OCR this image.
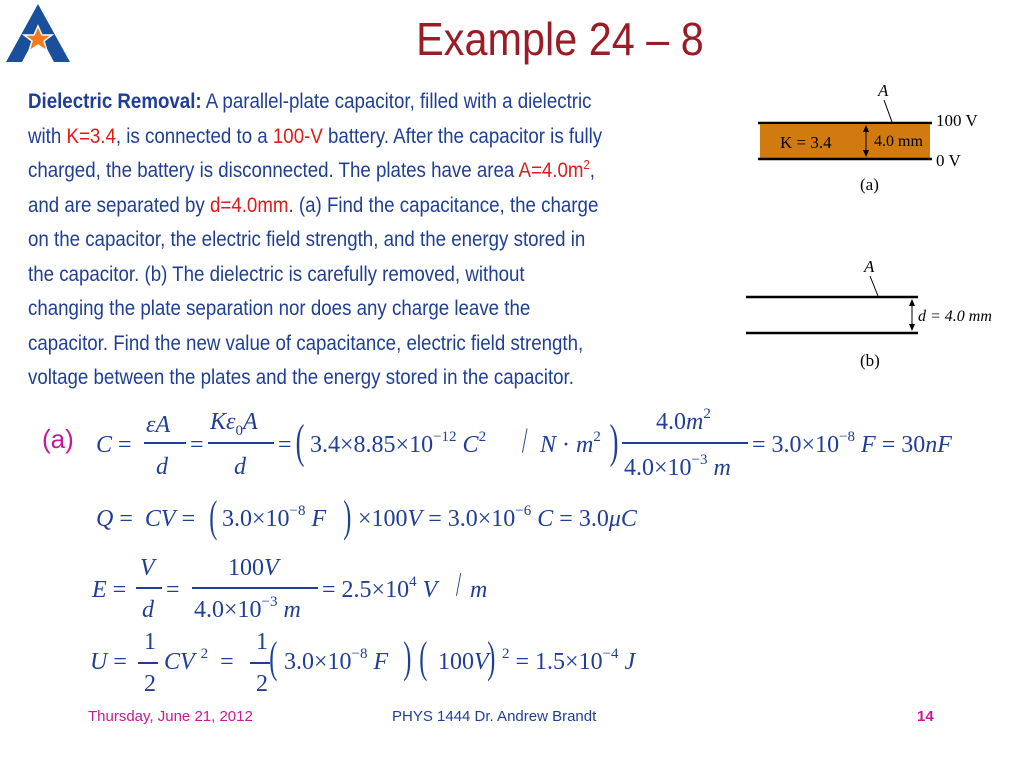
Example 24 – 8

Dielectric Removal: A parallel-plate capacitor, filled with a dielectric

with K=3.4, is connected to a 100-V battery. After the capacitor is fully

charged, the battery is disconnected. The plates have area $A=4.0m^2$,

and are separated by d=4.0mm. (a) Find the capacitance, the charge

on the capacitor, the electric field strength, and the energy stored in

the capacitor. (b) The dielectric is carefully removed, without

changing the plate separation nor does any charge leave the

capacitor. Find the new value of capacitance, electric field strength,

voltage between the plates and the energy stored in the capacitor.

A
K = 3.4	4.0 mm
100 V
0 V
(a)
A
d = 4.0 mm
(b)
(a) C =
εA
d
=
$K\varepsilon_0A$
d
= ( $3.4\times 8.85\times 10^{-12}$ $C^2 / N \cdot m^2$ ) $4.0m^2$
$4.0\times 10^{-3}$ m
= $3.0\times 10^{-8}$ F = 30nF
Q =  CV = ( $3.0\times 10^{-8}$ F ) $\times 100V = 3.0\times 10^{-6}$ C = 3.0μC
E =
V
d
=
100V
$4.0\times 10^{-3}$ m
= $2.5\times 10^4$ V / m
U =
1
2
CV $^2$  =
1
2
( $3.0\times 10^{-8}$ F ) ( 100V
) $^2 = 1.5\times 10^{-4}$ J
Thursday, June 21, 2012	PHYS 1444 Dr. Andrew Brandt	14
